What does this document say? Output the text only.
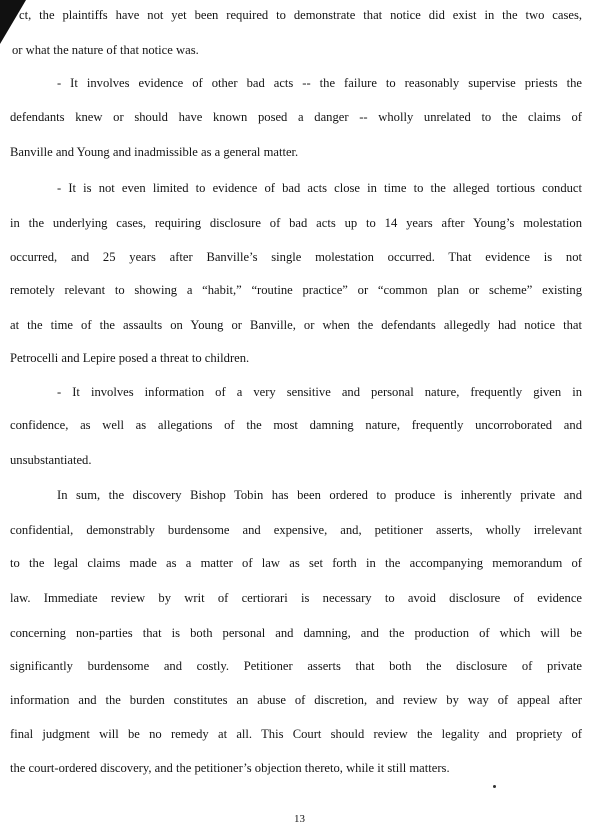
ct, the plaintiffs have not yet been required to demonstrate that notice did exist in the two cases,
or what the nature of that notice was.
- It involves evidence of other bad acts -- the failure to reasonably supervise priests the
defendants knew or should have known posed a danger -- wholly unrelated to the claims of
Banville and Young and inadmissible as a general matter.
- It is not even limited to evidence of bad acts close in time to the alleged tortious conduct
in the underlying cases, requiring disclosure of bad acts up to 14 years after Young’s molestation
occurred, and 25 years after Banville’s single molestation occurred. That evidence is not
remotely relevant to showing a “habit,” “routine practice” or “common plan or scheme” existing
at the time of the assaults on Young or Banville, or when the defendants allegedly had notice that
Petrocelli and Lepire posed a threat to children.
- It involves information of a very sensitive and personal nature, frequently given in
confidence, as well as allegations of the most damning nature, frequently uncorroborated and
unsubstantiated.
In sum, the discovery Bishop Tobin has been ordered to produce is inherently private and
confidential, demonstrably burdensome and expensive, and, petitioner asserts, wholly irrelevant
to the legal claims made as a matter of law as set forth in the accompanying memorandum of
law. Immediate review by writ of certiorari is necessary to avoid disclosure of evidence
concerning non-parties that is both personal and damning, and the production of which will be
significantly burdensome and costly. Petitioner asserts that both the disclosure of private
information and the burden constitutes an abuse of discretion, and review by way of appeal after
final judgment will be no remedy at all. This Court should review the legality and propriety of
the court-ordered discovery, and the petitioner’s objection thereto, while it still matters.
13
